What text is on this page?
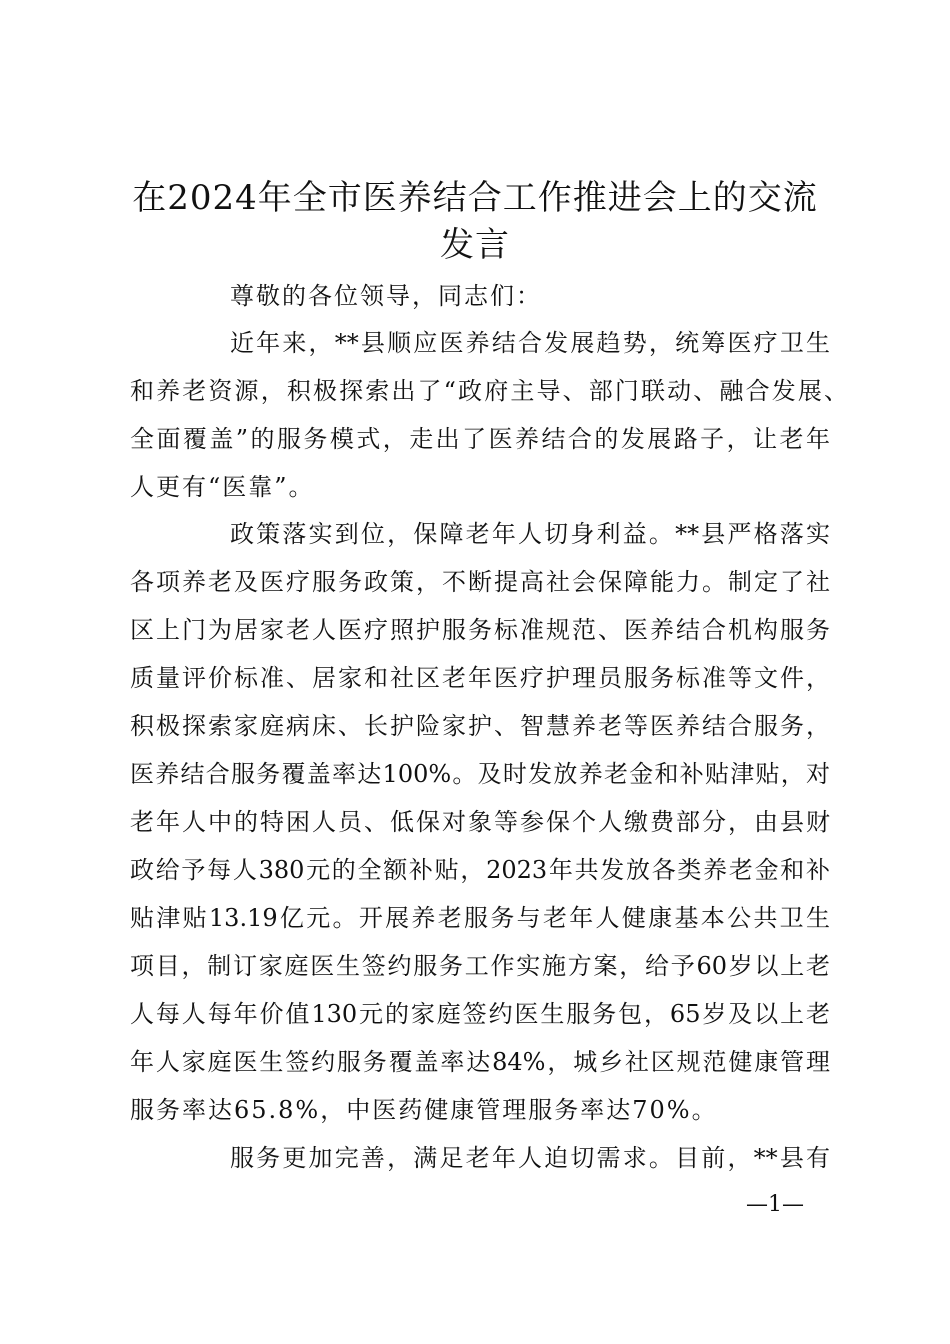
在2024年全市医养结合工作推进会上的交流
发言
尊敬的各位领导，同志们：
近年来，**县顺应医养结合发展趋势，统筹医疗卫生
和养老资源，积极探索出了“政府主导、部门联动、融合发展、
全面覆盖”的服务模式，走出了医养结合的发展路子，让老年
人更有“医靠”。
政策落实到位，保障老年人切身利益。**县严格落实
各项养老及医疗服务政策，不断提高社会保障能力。制定了社
区上门为居家老人医疗照护服务标准规范、医养结合机构服务
质量评价标准、居家和社区老年医疗护理员服务标准等文件，
积极探索家庭病床、长护险家护、智慧养老等医养结合服务，
医养结合服务覆盖率达100%。及时发放养老金和补贴津贴，对
老年人中的特困人员、低保对象等参保个人缴费部分，由县财
政给予每人380元的全额补贴，2023年共发放各类养老金和补
贴津贴13.19亿元。开展养老服务与老年人健康基本公共卫生
项目，制订家庭医生签约服务工作实施方案，给予60岁以上老
人每人每年价值130元的家庭签约医生服务包，65岁及以上老
年人家庭医生签约服务覆盖率达84%，城乡社区规范健康管理
服务率达65.8%，中医药健康管理服务率达70%。
服务更加完善，满足老年人迫切需求。目前，**县有
—1—
